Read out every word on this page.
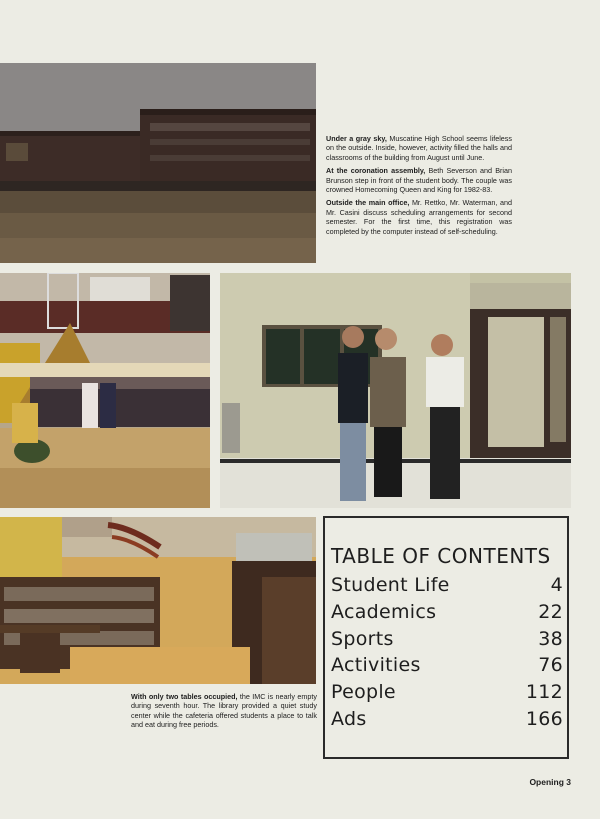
Under a gray sky, Muscatine High School seems lifeless on the outside. Inside, however, activity filled the halls and classrooms of the building from August until June.

At the coronation assembly, Beth Severson and Brian Brunson step in front of the student body. The couple was crowned Homecoming Queen and King for 1982-83.

Outside the main office, Mr. Rettko, Mr. Waterman, and Mr. Casini discuss scheduling arrangements for second semester. For the first time, this registration was completed by the computer instead of self-scheduling.

With only two tables occupied, the IMC is nearly empty during seventh hour. The library provided a quiet study center while the cafeteria offered students a place to talk and eat during free periods.

TABLE OF CONTENTS
Student Life	4
Academics	22
Sports	38
Activities	76
People	112
Ads	166
Opening 3
